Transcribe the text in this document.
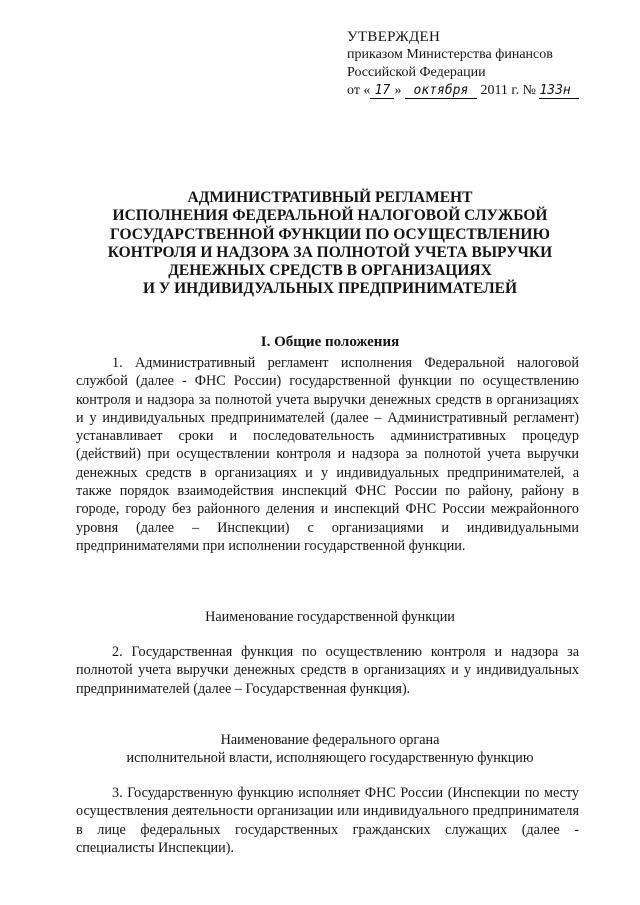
УТВЕРЖДЕН
приказом Министерства финансов
Российской Федерации
от « 17 » октября 2011 г. № 133н
АДМИНИСТРАТИВНЫЙ РЕГЛАМЕНТ
ИСПОЛНЕНИЯ ФЕДЕРАЛЬНОЙ НАЛОГОВОЙ СЛУЖБОЙ
ГОСУДАРСТВЕННОЙ ФУНКЦИИ ПО ОСУЩЕСТВЛЕНИЮ
КОНТРОЛЯ И НАДЗОРА ЗА ПОЛНОТОЙ УЧЕТА ВЫРУЧКИ
ДЕНЕЖНЫХ СРЕДСТВ В ОРГАНИЗАЦИЯХ
И У ИНДИВИДУАЛЬНЫХ ПРЕДПРИНИМАТЕЛЕЙ
I. Общие положения

1. Административный регламент исполнения Федеральной налоговой службой (далее - ФНС России) государственной функции по осуществлению контроля и надзора за полнотой учета выручки денежных средств в организациях и у индивидуальных предпринимателей (далее – Административный регламент) устанавливает сроки и последовательность административных процедур (действий) при осуществлении контроля и надзора за полнотой учета выручки денежных средств в организациях и у индивидуальных предпринимателей, а также порядок взаимодействия инспекций ФНС России по району, району в городе, городу без районного деления и инспекций ФНС России межрайонного уровня (далее – Инспекции) с организациями и индивидуальными предпринимателями при исполнении государственной функции.

Наименование государственной функции

2. Государственная функция по осуществлению контроля и надзора за полнотой учета выручки денежных средств в организациях и у индивидуальных предпринимателей (далее – Государственная функция).

Наименование федерального органа
исполнительной власти, исполняющего государственную функцию

3. Государственную функцию исполняет ФНС России (Инспекции по месту осуществления деятельности организации или индивидуального предпринимателя в лице федеральных государственных гражданских служащих (далее - специалисты Инспекции).
